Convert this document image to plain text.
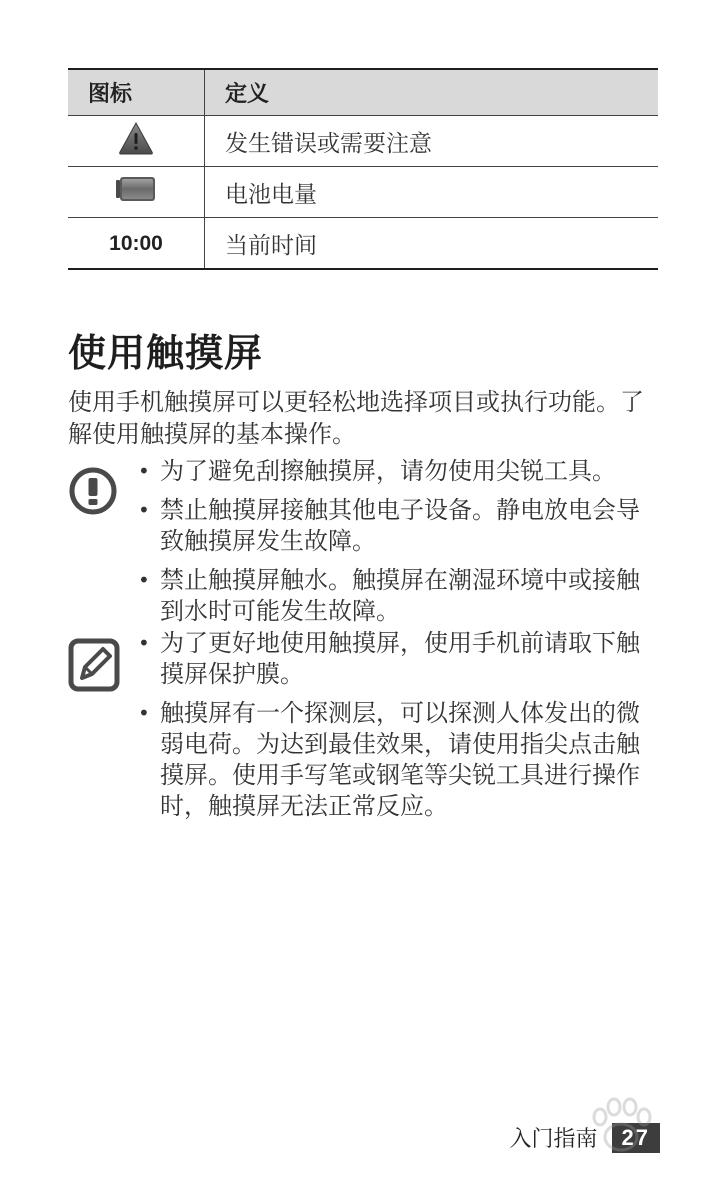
图标	定义
	发生错误或需要注意
	电池电量
10:00	当前时间
使用触摸屏

使用手机触摸屏可以更轻松地选择项目或执行功能。了解使用触摸屏的基本操作。

• 为了避免刮擦触摸屏，请勿使用尖锐工具。
• 禁止触摸屏接触其他电子设备。静电放电会导致触摸屏发生故障。
• 禁止触摸屏触水。触摸屏在潮湿环境中或接触到水时可能发生故障。
• 为了更好地使用触摸屏，使用手机前请取下触摸屏保护膜。
• 触摸屏有一个探测层，可以探测人体发出的微弱电荷。为达到最佳效果，请使用指尖点击触摸屏。使用手写笔或钢笔等尖锐工具进行操作时，触摸屏无法正常反应。
入门指南	27
